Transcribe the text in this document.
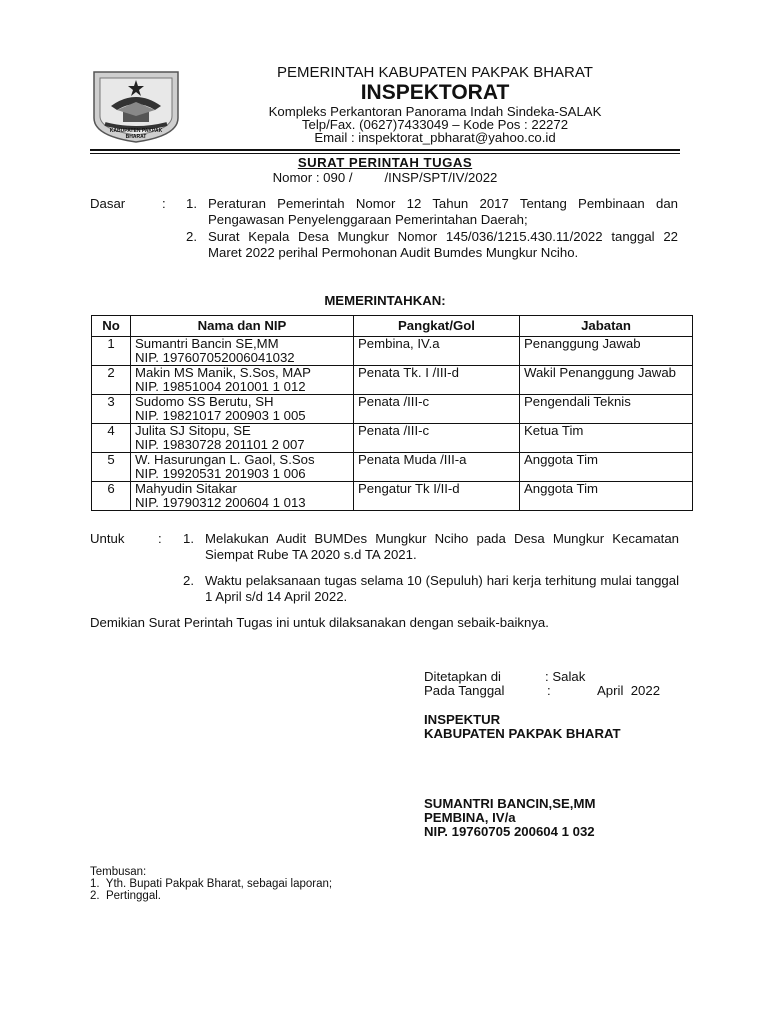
KABUPATEN PAKPAK BHARAT
PEMERINTAH KABUPATEN PAKPAK BHARAT
INSPEKTORAT
Kompleks Perkantoran Panorama Indah Sindeka-SALAK
Telp/Fax. (0627)7433049 – Kode Pos : 22272
Email : inspektorat_pbharat@yahoo.co.id
SURAT PERINTAH TUGAS
Nomor : 090 / /INSP/SPT/IV/2022
Dasar	: 1. Peraturan Pemerintah Nomor 12 Tahun 2017 Tentang Pembinaan dan Pengawasan Penyelenggaraan Pemerintahan Daerah;
2. Surat Kepala Desa Mungkur Nomor 145/036/1215.430.11/2022 tanggal 22 Maret 2022 perihal Permohonan Audit Bumdes Mungkur Nciho.
MEMERINTAHKAN:
No	Nama dan NIP	Pangkat/Gol	Jabatan
1	Sumantri Bancin SE,MM
NIP. 197607052006041032	Pembina, IV.a	Penanggung Jawab
2	Makin MS Manik, S.Sos, MAP
NIP. 19851004 201001 1 012	Penata Tk. I /III-d	Wakil Penanggung Jawab
3	Sudomo SS Berutu, SH
NIP. 19821017 200903 1 005	Penata /III-c	Pengendali Teknis
4	Julita SJ Sitopu, SE
NIP. 19830728 201101 2 007	Penata /III-c	Ketua Tim
5	W. Hasurungan L. Gaol, S.Sos
NIP. 19920531 201903 1 006	Penata Muda /III-a	Anggota Tim
6	Mahyudin Sitakar
NIP. 19790312 200604 1 013	Pengatur Tk I/II-d	Anggota Tim
Untuk	: 1. Melakukan Audit BUMDes Mungkur Nciho pada Desa Mungkur Kecamatan Siempat Rube TA 2020 s.d TA 2021.
2. Waktu pelaksanaan tugas selama 10 (Sepuluh) hari kerja terhitung mulai tanggal 1 April s/d 14 April 2022.
Demikian Surat Perintah Tugas ini untuk dilaksanakan dengan sebaik-baiknya.
Ditetapkan di	: Salak
Pada Tanggal	:	April  2022
INSPEKTUR
KABUPATEN PAKPAK BHARAT
SUMANTRI BANCIN,SE,MM
PEMBINA, IV/a
NIP. 19760705 200604 1 032
Tembusan:
1.  Yth. Bupati Pakpak Bharat, sebagai laporan;
2.  Pertinggal.
